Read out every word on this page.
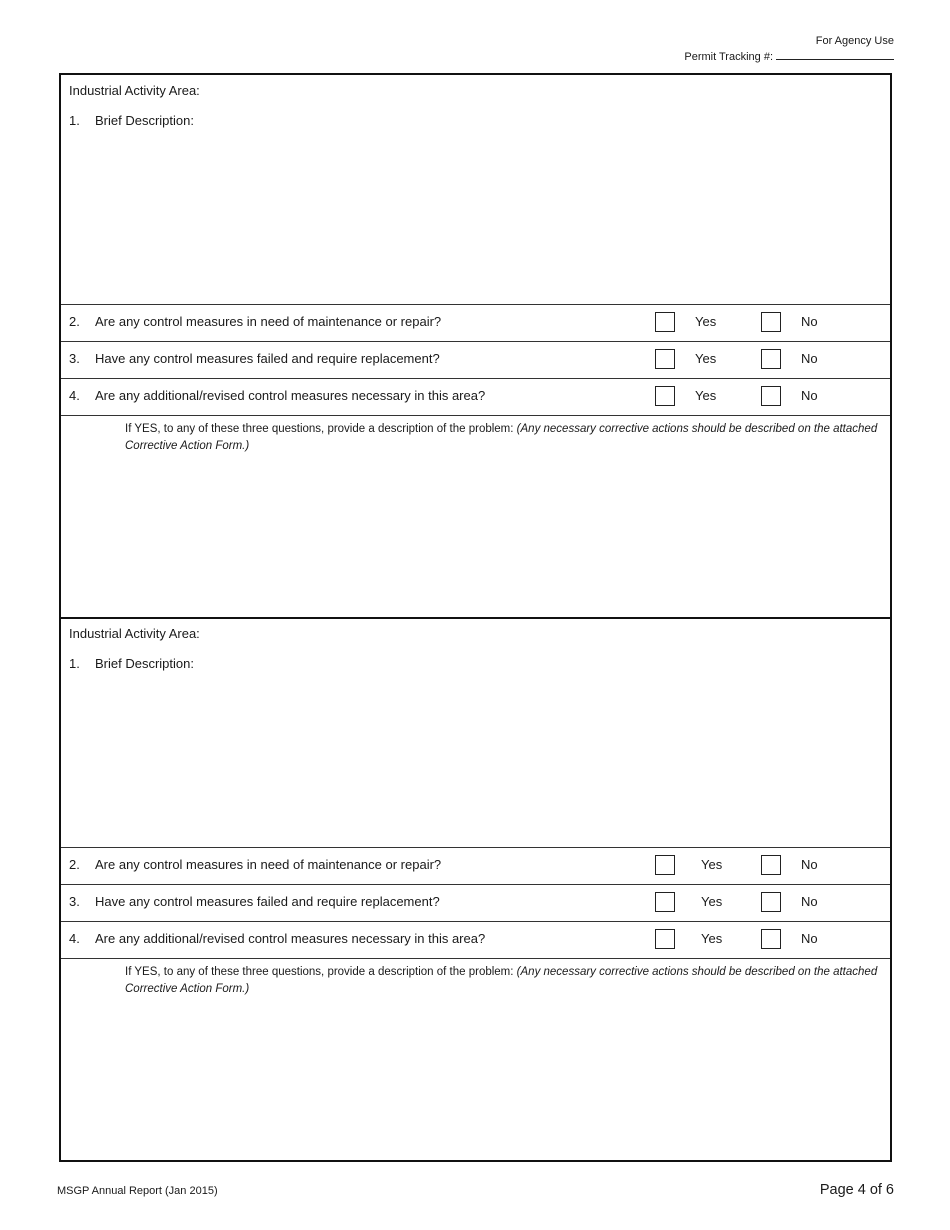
For Agency Use
Permit Tracking #:
Industrial Activity Area:
1. Brief Description:
2. Are any control measures in need of maintenance or repair?	Yes	No
3. Have any control measures failed and require replacement?	Yes	No
4. Are any additional/revised control measures necessary in this area?	Yes	No
If YES, to any of these three questions, provide a description of the problem: (Any necessary corrective actions should be described on the attached Corrective Action Form.)
Industrial Activity Area:
1. Brief Description:
2. Are any control measures in need of maintenance or repair?	Yes	No
3. Have any control measures failed and require replacement?	Yes	No
4. Are any additional/revised control measures necessary in this area?	Yes	No
If YES, to any of these three questions, provide a description of the problem: (Any necessary corrective actions should be described on the attached Corrective Action Form.)
MSGP Annual Report (Jan 2015)	Page 4 of 6
